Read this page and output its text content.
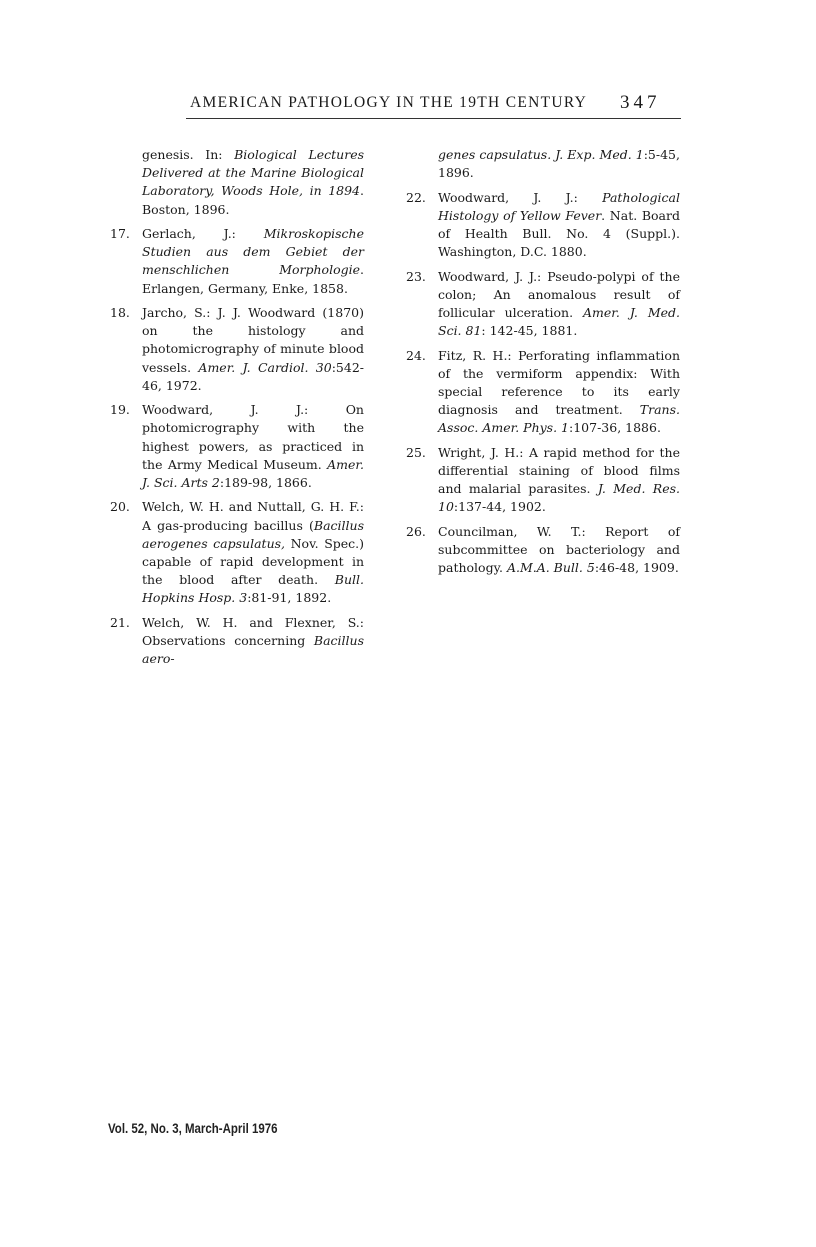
AMERICAN PATHOLOGY IN THE 19TH CENTURY 347
genesis. In: Biological Lectures Delivered at the Marine Biological Laboratory, Woods Hole, in 1894. Boston, 1896.
17. Gerlach, J.: Mikroskopische Studien aus dem Gebiet der menschlichen Morphologie. Erlangen, Germany, Enke, 1858.
18. Jarcho, S.: J. J. Woodward (1870) on the histology and photomicrography of minute blood vessels. Amer. J. Cardiol. 30:542-46, 1972.
19. Woodward, J. J.: On photomicrography with the highest powers, as practiced in the Army Medical Museum. Amer. J. Sci. Arts 2:189-98, 1866.
20. Welch, W. H. and Nuttall, G. H. F.: A gas-producing bacillus (Bacillus aerogenes capsulatus, Nov. Spec.) capable of rapid development in the blood after death. Bull. Hopkins Hosp. 3:81-91, 1892.
21. Welch, W. H. and Flexner, S.: Observations concerning Bacillus aero-
genes capsulatus. J. Exp. Med. 1:5-45, 1896.
22. Woodward, J. J.: Pathological Histology of Yellow Fever. Nat. Board of Health Bull. No. 4 (Suppl.). Washington, D.C. 1880.
23. Woodward, J. J.: Pseudo-polypi of the colon; An anomalous result of follicular ulceration. Amer. J. Med. Sci. 81: 142-45, 1881.
24. Fitz, R. H.: Perforating inflammation of the vermiform appendix: With special reference to its early diagnosis and treatment. Trans. Assoc. Amer. Phys. 1:107-36, 1886.
25. Wright, J. H.: A rapid method for the differential staining of blood films and malarial parasites. J. Med. Res. 10:137-44, 1902.
26. Councilman, W. T.: Report of subcommittee on bacteriology and pathology. A.M.A. Bull. 5:46-48, 1909.
Vol. 52, No. 3, March-April 1976
